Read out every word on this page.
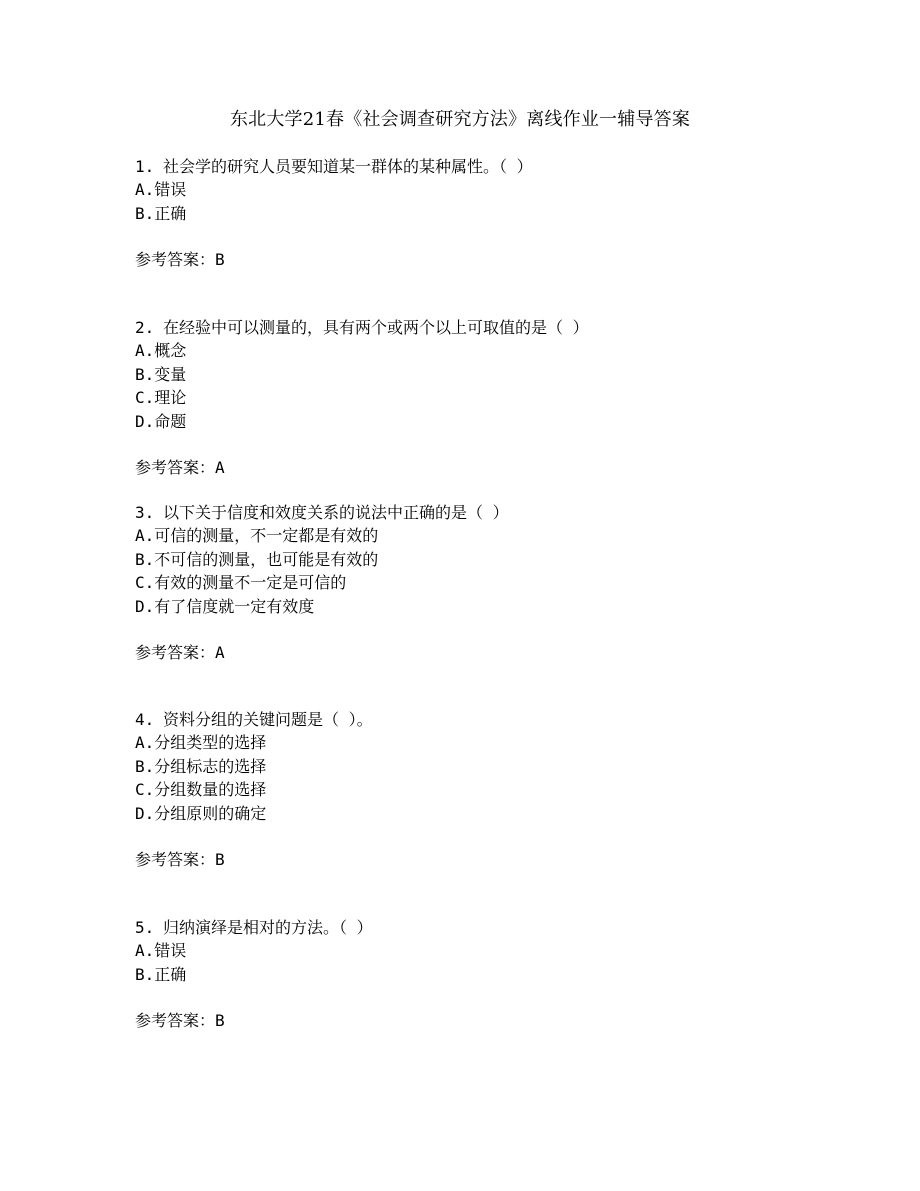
东北大学21春《社会调查研究方法》离线作业一辅导答案
1. 社会学的研究人员要知道某一群体的某种属性。（ ）
A.错误
B.正确
参考答案：B
2. 在经验中可以测量的，具有两个或两个以上可取值的是（ ）
A.概念
B.变量
C.理论
D.命题
参考答案：A
3. 以下关于信度和效度关系的说法中正确的是（ ）
A.可信的测量，不一定都是有效的
B.不可信的测量，也可能是有效的
C.有效的测量不一定是可信的
D.有了信度就一定有效度
参考答案：A
4. 资料分组的关键问题是（ ）。
A.分组类型的选择
B.分组标志的选择
C.分组数量的选择
D.分组原则的确定
参考答案：B
5. 归纳演绎是相对的方法。（ ）
A.错误
B.正确
参考答案：B
